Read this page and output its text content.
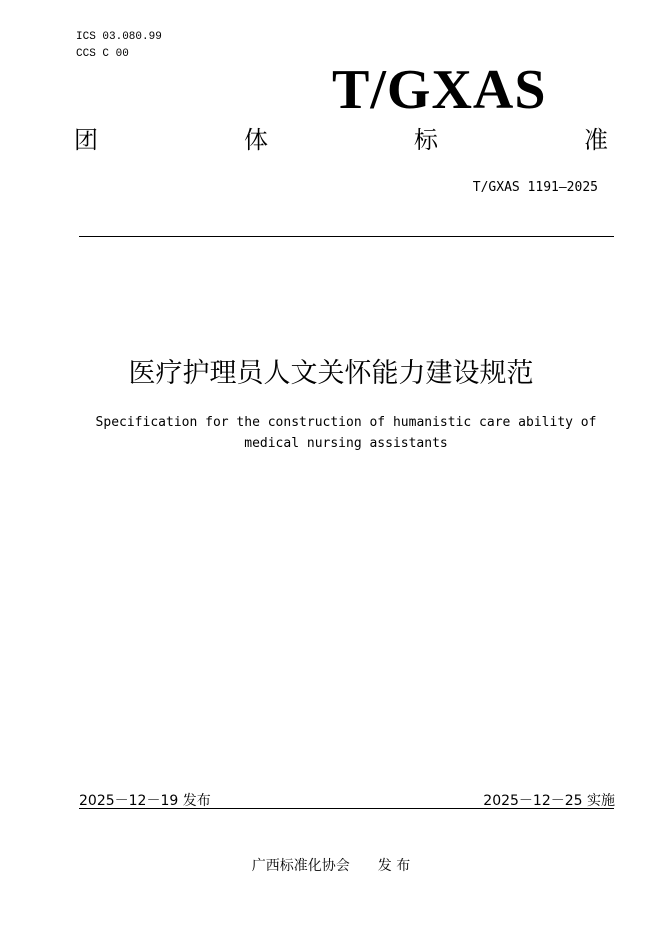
ICS 03.080.99
CCS C 00
T/GXAS
团	体	标	准
T/GXAS 1191—2025
医疗护理员人文关怀能力建设规范
Specification for the construction of humanistic care ability of medical nursing assistants
2025－12－19 发布	2025－12－25 实施
广西标准化协会 发 布
